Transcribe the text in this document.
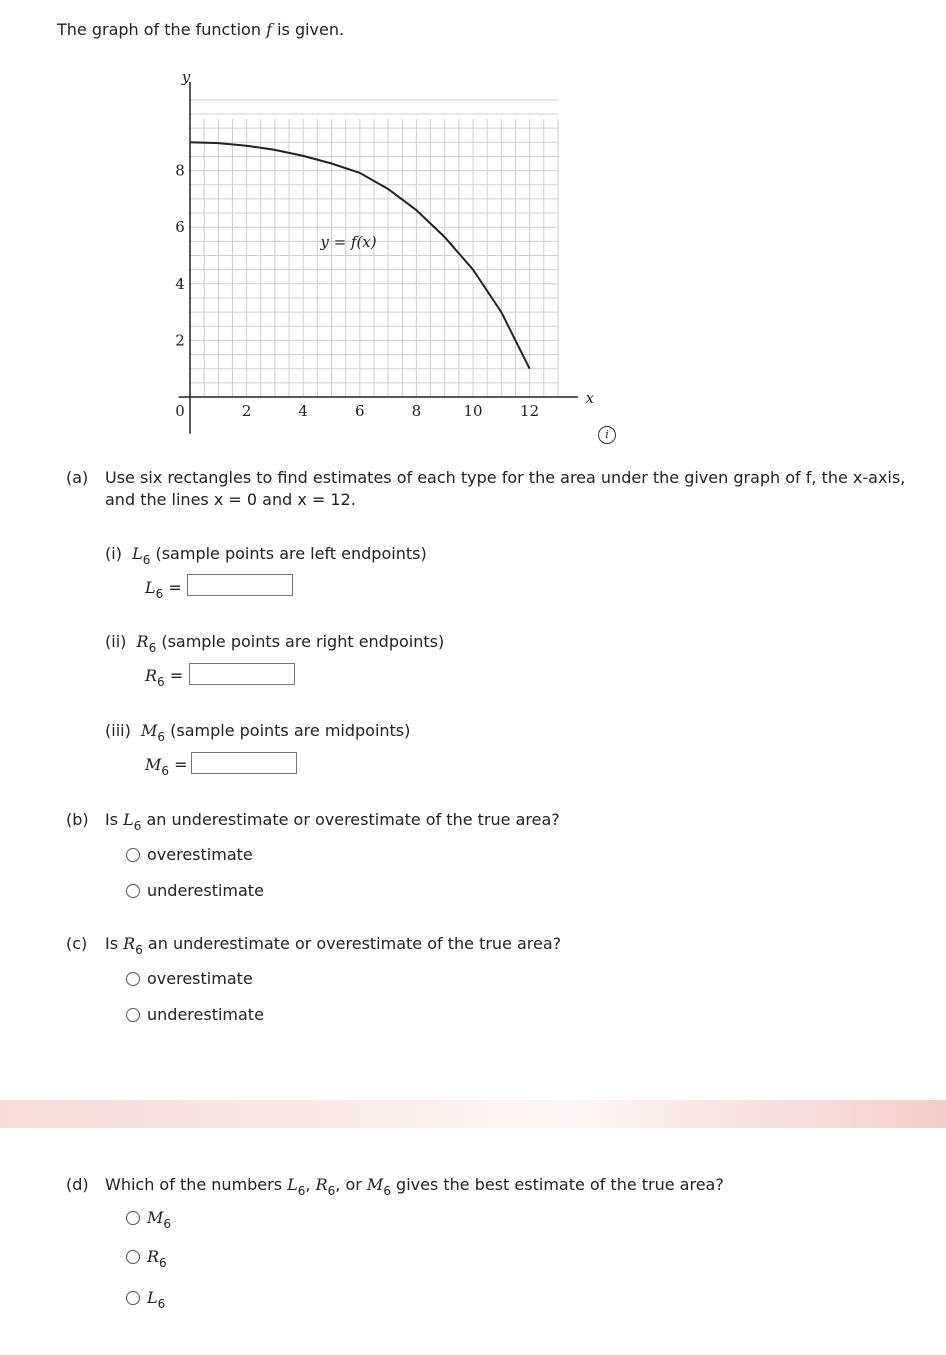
The graph of the function f is given.
y
x
0	2	4	6	8	10	12
2
4
6
8
y = f(x)
i
(a) Use six rectangles to find estimates of each type for the area under the given graph of f, the x-axis,
and the lines x = 0 and x = 12.
(i) $L_6$ (sample points are left endpoints)
$L_6$ =
(ii) $R_6$ (sample points are right endpoints)
$R_6$ =
(iii) $M_6$ (sample points are midpoints)
$M_6$ =
(b) Is $L_6$ an underestimate or overestimate of the true area?
overestimate
underestimate
(c) Is $R_6$ an underestimate or overestimate of the true area?
overestimate
underestimate
(d) Which of the numbers $L_6$, $R_6$, or $M_6$ gives the best estimate of the true area?
$M_6$
$R_6$
$L_6$
